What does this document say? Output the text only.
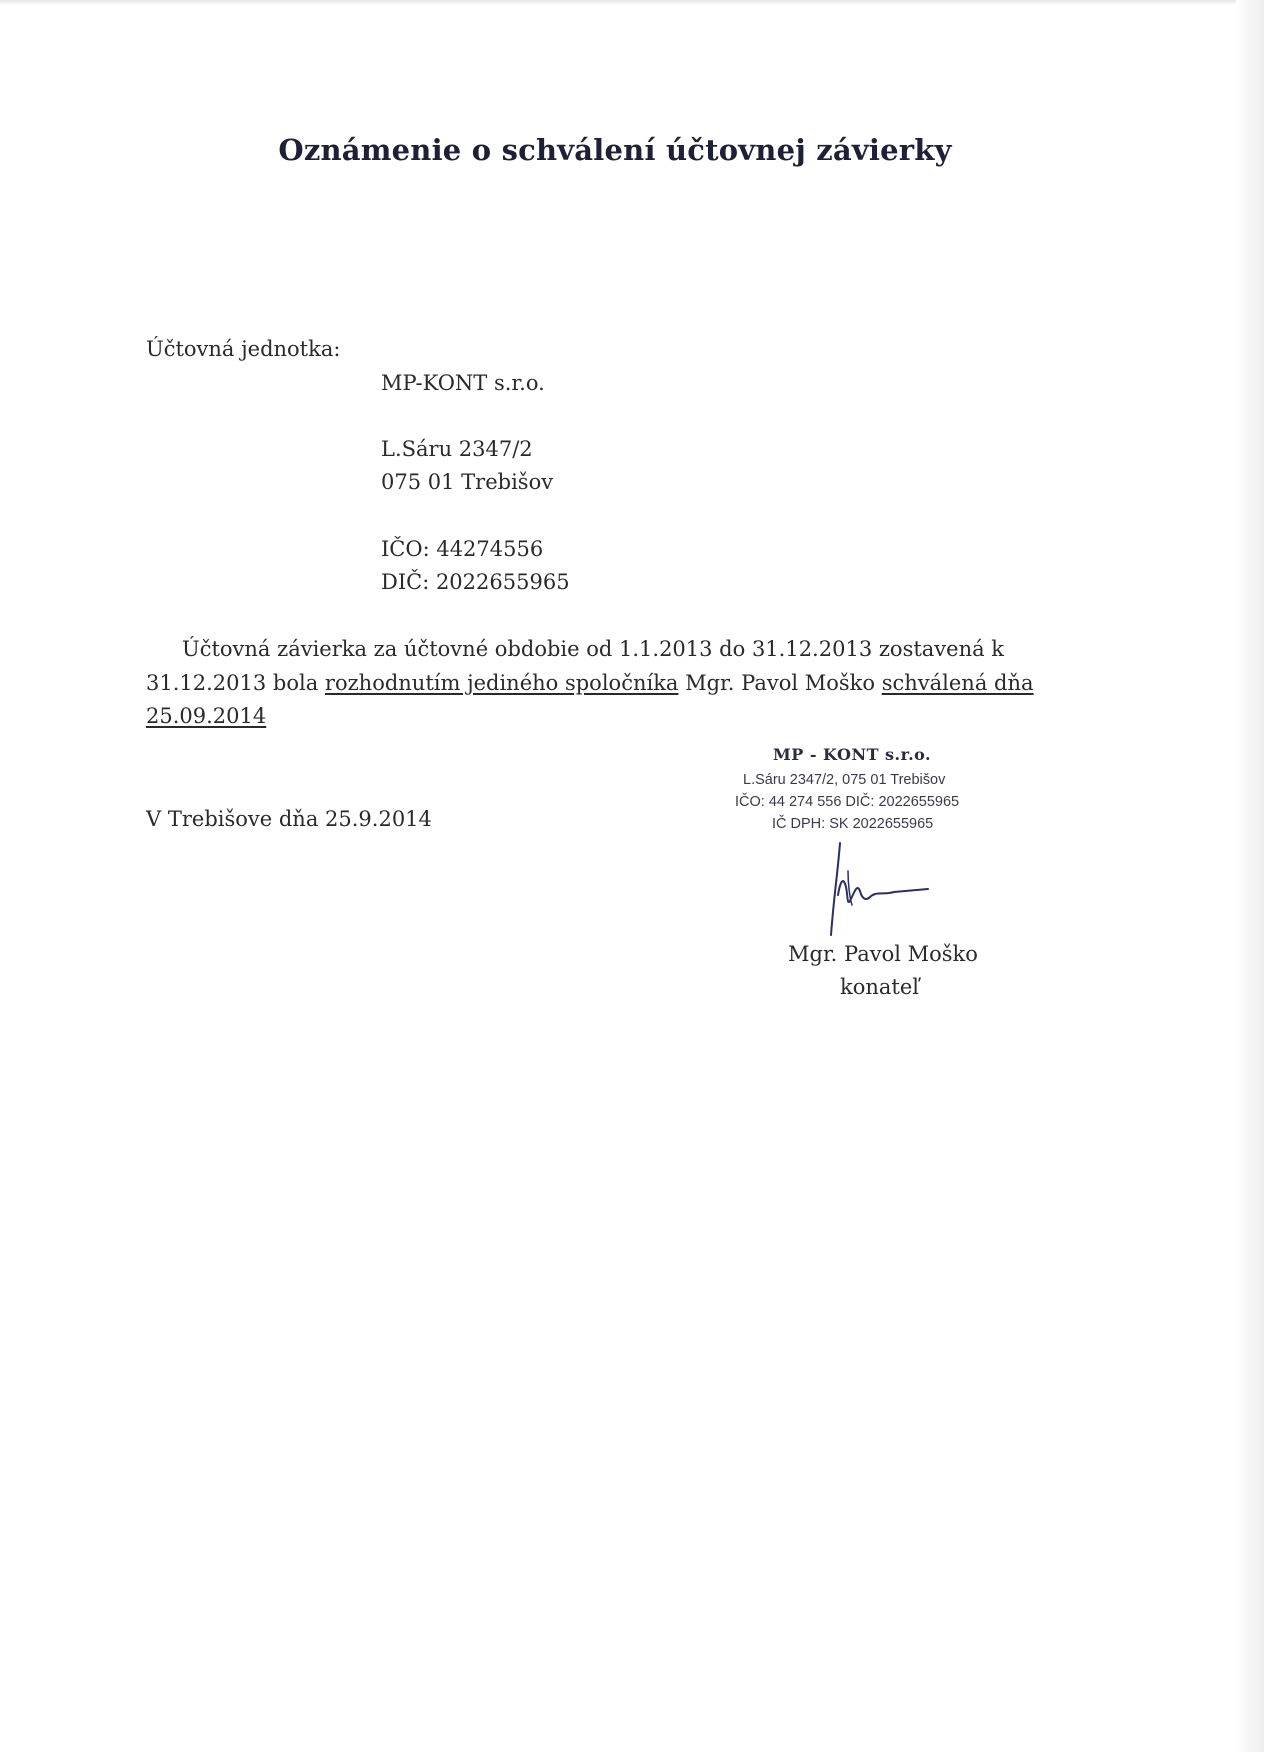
Oznámenie o schválení účtovnej závierky
Účtovná jednotka:
MP-KONT s.r.o.
L.Sáru 2347/2
075 01 Trebišov
IČO: 44274556
DIČ: 2022655965
Účtovná závierka za účtovné obdobie od 1.1.2013 do 31.12.2013 zostavená k
31.12.2013 bola rozhodnutím jediného spoločníka Mgr. Pavol Moško schválená dňa
25.09.2014
V Trebišove dňa 25.9.2014
MP - KONT s.r.o.
L.Sáru 2347/2, 075 01 Trebišov
IČO: 44 274 556 DIČ: 2022655965
IČ DPH: SK 2022655965
Mgr. Pavol Moško
konateľ
